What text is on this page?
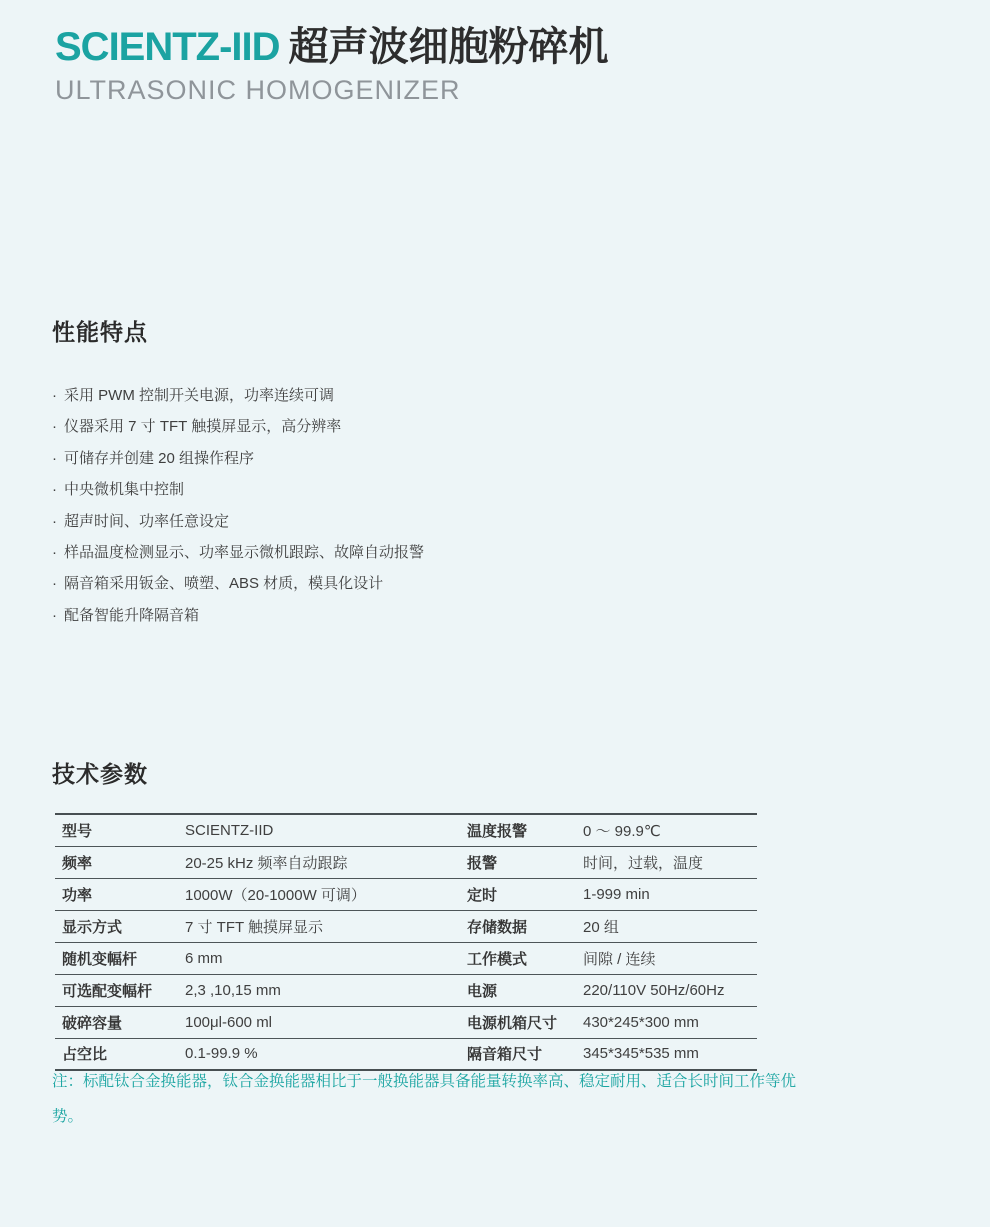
SCIENTZ-IID 超声波细胞粉碎机
ULTRASONIC HOMOGENIZER
性能特点
· 采用 PWM 控制开关电源，功率连续可调
· 仪器采用 7 寸 TFT 触摸屏显示，高分辨率
· 可储存并创建 20 组操作程序
· 中央微机集中控制
· 超声时间、功率任意设定
· 样品温度检测显示、功率显示微机跟踪、故障自动报警
· 隔音箱采用钣金、喷塑、ABS 材质，模具化设计
· 配备智能升降隔音箱
技术参数
型号	SCIENTZ-IID	温度报警	0 ～ 99.9℃
频率	20-25 kHz 频率自动跟踪	报警	时间，过载，温度
功率	1000W（20-1000W 可调）	定时	1-999 min
显示方式	7 寸 TFT 触摸屏显示	存储数据	20 组
随机变幅杆	6 mm	工作模式	间隙 / 连续
可选配变幅杆	2,3 ,10,15 mm	电源	220/110V 50Hz/60Hz
破碎容量	100μl-600 ml	电源机箱尺寸	430*245*300 mm
占空比	0.1-99.9 %	隔音箱尺寸	345*345*535 mm

注：标配钛合金换能器，钛合金换能器相比于一般换能器具备能量转换率高、稳定耐用、适合长时间工作等优势。
